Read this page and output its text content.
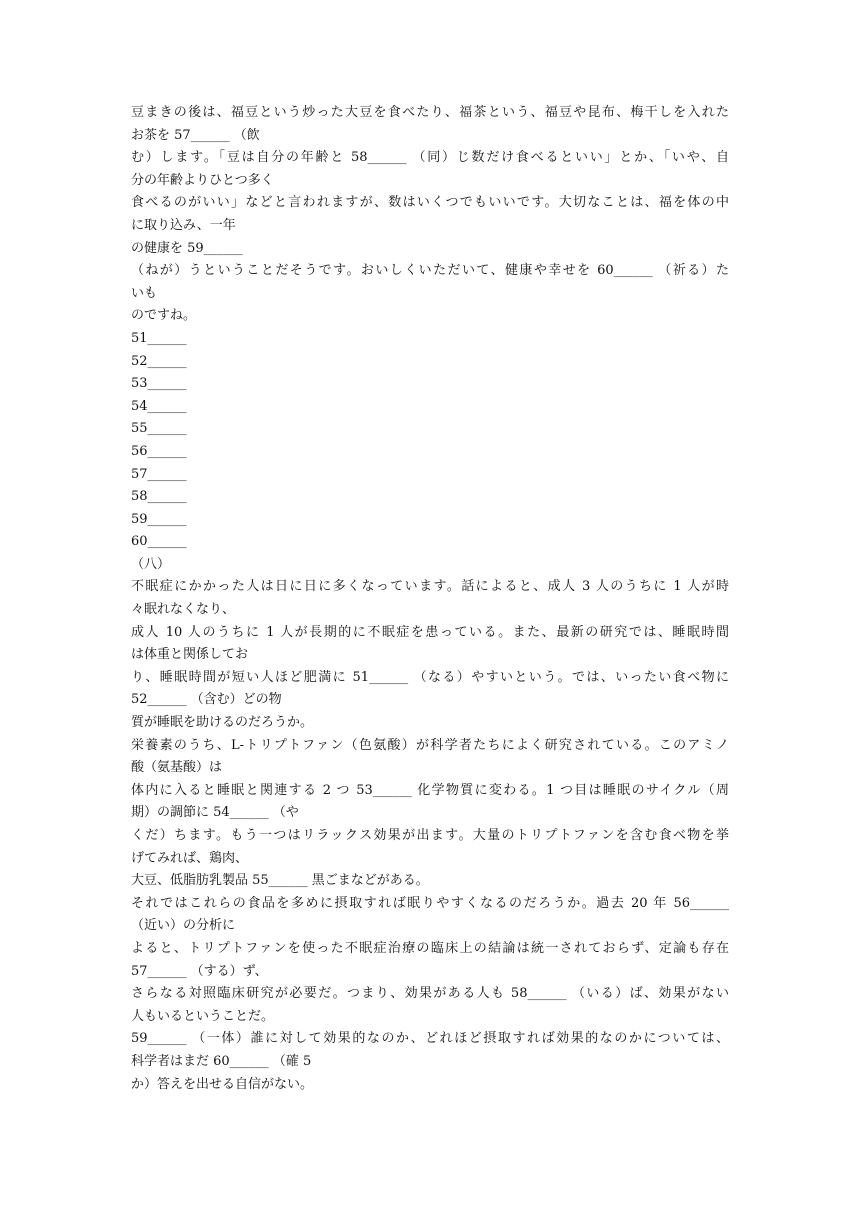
豆まきの後は、福豆という炒った大豆を食べたり、福茶という、福豆や昆布、梅干しを入れた
お茶を 57______ （飲
む）します。「豆は自分の年齢と 58______ （同）じ数だけ食べるといい」とか、「いや、自
分の年齢よりひとつ多く
食べるのがいい」などと言われますが、数はいくつでもいいです。大切なことは、福を体の中
に取り込み、一年
の健康を 59______
（ねが）うということだそうです。おいしくいただいて、健康や幸せを 60______ （祈る）た
いも
のですね。
51______
52______
53______
54______
55______
56______
57______
58______
59______
60______
（八）
不眠症にかかった人は日に日に多くなっています。話によると、成人 3 人のうちに 1 人が時
々眠れなくなり、
成人 10 人のうちに 1 人が長期的に不眠症を患っている。また、最新の研究では、睡眠時間
は体重と関係してお
り、睡眠時間が短い人ほど肥満に 51______ （なる）やすいという。では、いったい食べ物に
52______ （含む）どの物
質が睡眠を助けるのだろうか。
栄養素のうち、L-トリプトファン（色氨酸）が科学者たちによく研究されている。このアミノ
酸（氨基酸）は
体内に入ると睡眠と関連する 2 つ 53______ 化学物質に変わる。1 つ目は睡眠のサイクル（周
期）の調節に 54______ （や
くだ）ちます。もう一つはリラックス効果が出ます。大量のトリプトファンを含む食べ物を挙
げてみれば、鶏肉、
大豆、低脂肪乳製品 55______ 黒ごまなどがある。
それではこれらの食品を多めに摂取すれば眠りやすくなるのだろうか。過去 20 年 56______
（近い）の分析に
よると、トリプトファンを使った不眠症治療の臨床上の結論は統一されておらず、定論も存在
57______ （する）ず、
さらなる対照臨床研究が必要だ。つまり、効果がある人も 58______ （いる）ば、効果がない
人もいるということだ。
59______ （一体）誰に対して効果的なのか、どれほど摂取すれば効果的なのかについては、
科学者はまだ 60______ （確 5
か）答えを出せる自信がない。
